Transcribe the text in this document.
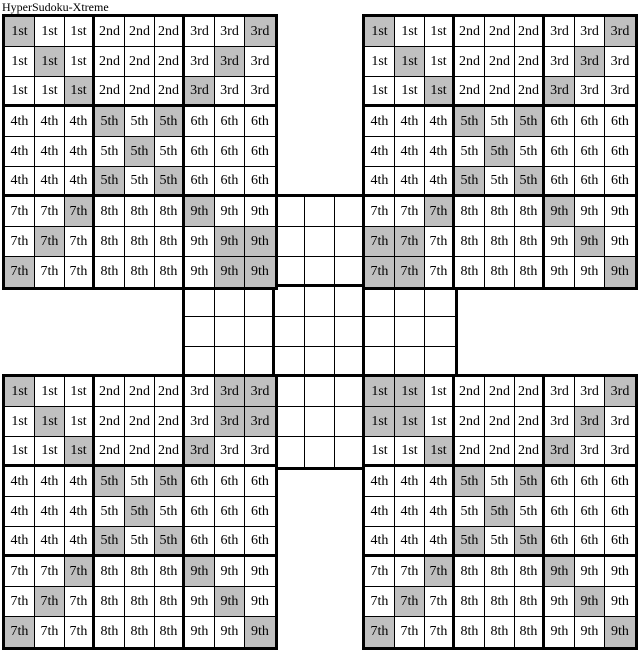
HyperSudoku-Xtreme
1st 1st 1st 2nd 2nd 2nd 3rd 3rd 3rd
1st 1st 1st 2nd 2nd 2nd 3rd 3rd 3rd
1st 1st 1st 2nd 2nd 2nd 3rd 3rd 3rd
4th 4th 4th 5th 5th 5th 6th 6th 6th
4th 4th 4th 5th 5th 5th 6th 6th 6th
4th 4th 4th 5th 5th 5th 6th 6th 6th
7th 7th 7th 8th 8th 8th 9th 9th 9th
7th 7th 7th 8th 8th 8th 9th 9th 9th
7th 7th 7th 8th 8th 8th 9th 9th 9th
1st 1st 1st 2nd 2nd 2nd 3rd 3rd 3rd
1st 1st 1st 2nd 2nd 2nd 3rd 3rd 3rd
1st 1st 1st 2nd 2nd 2nd 3rd 3rd 3rd
4th 4th 4th 5th 5th 5th 6th 6th 6th
4th 4th 4th 5th 5th 5th 6th 6th 6th
4th 4th 4th 5th 5th 5th 6th 6th 6th
7th 7th 7th 8th 8th 8th 9th 9th 9th
7th 7th 7th 8th 8th 8th 9th 9th 9th
7th 7th 7th 8th 8th 8th 9th 9th 9th
1st 1st 1st 2nd 2nd 2nd 3rd 3rd 3rd
1st 1st 1st 2nd 2nd 2nd 3rd 3rd 3rd
1st 1st 1st 2nd 2nd 2nd 3rd 3rd 3rd
4th 4th 4th 5th 5th 5th 6th 6th 6th
4th 4th 4th 5th 5th 5th 6th 6th 6th
4th 4th 4th 5th 5th 5th 6th 6th 6th
7th 7th 7th 8th 8th 8th 9th 9th 9th
7th 7th 7th 8th 8th 8th 9th 9th 9th
7th 7th 7th 8th 8th 8th 9th 9th 9th
1st 1st 1st 2nd 2nd 2nd 3rd 3rd 3rd
1st 1st 1st 2nd 2nd 2nd 3rd 3rd 3rd
1st 1st 1st 2nd 2nd 2nd 3rd 3rd 3rd
4th 4th 4th 5th 5th 5th 6th 6th 6th
4th 4th 4th 5th 5th 5th 6th 6th 6th
4th 4th 4th 5th 5th 5th 6th 6th 6th
7th 7th 7th 8th 8th 8th 9th 9th 9th
7th 7th 7th 8th 8th 8th 9th 9th 9th
7th 7th 7th 8th 8th 8th 9th 9th 9th
